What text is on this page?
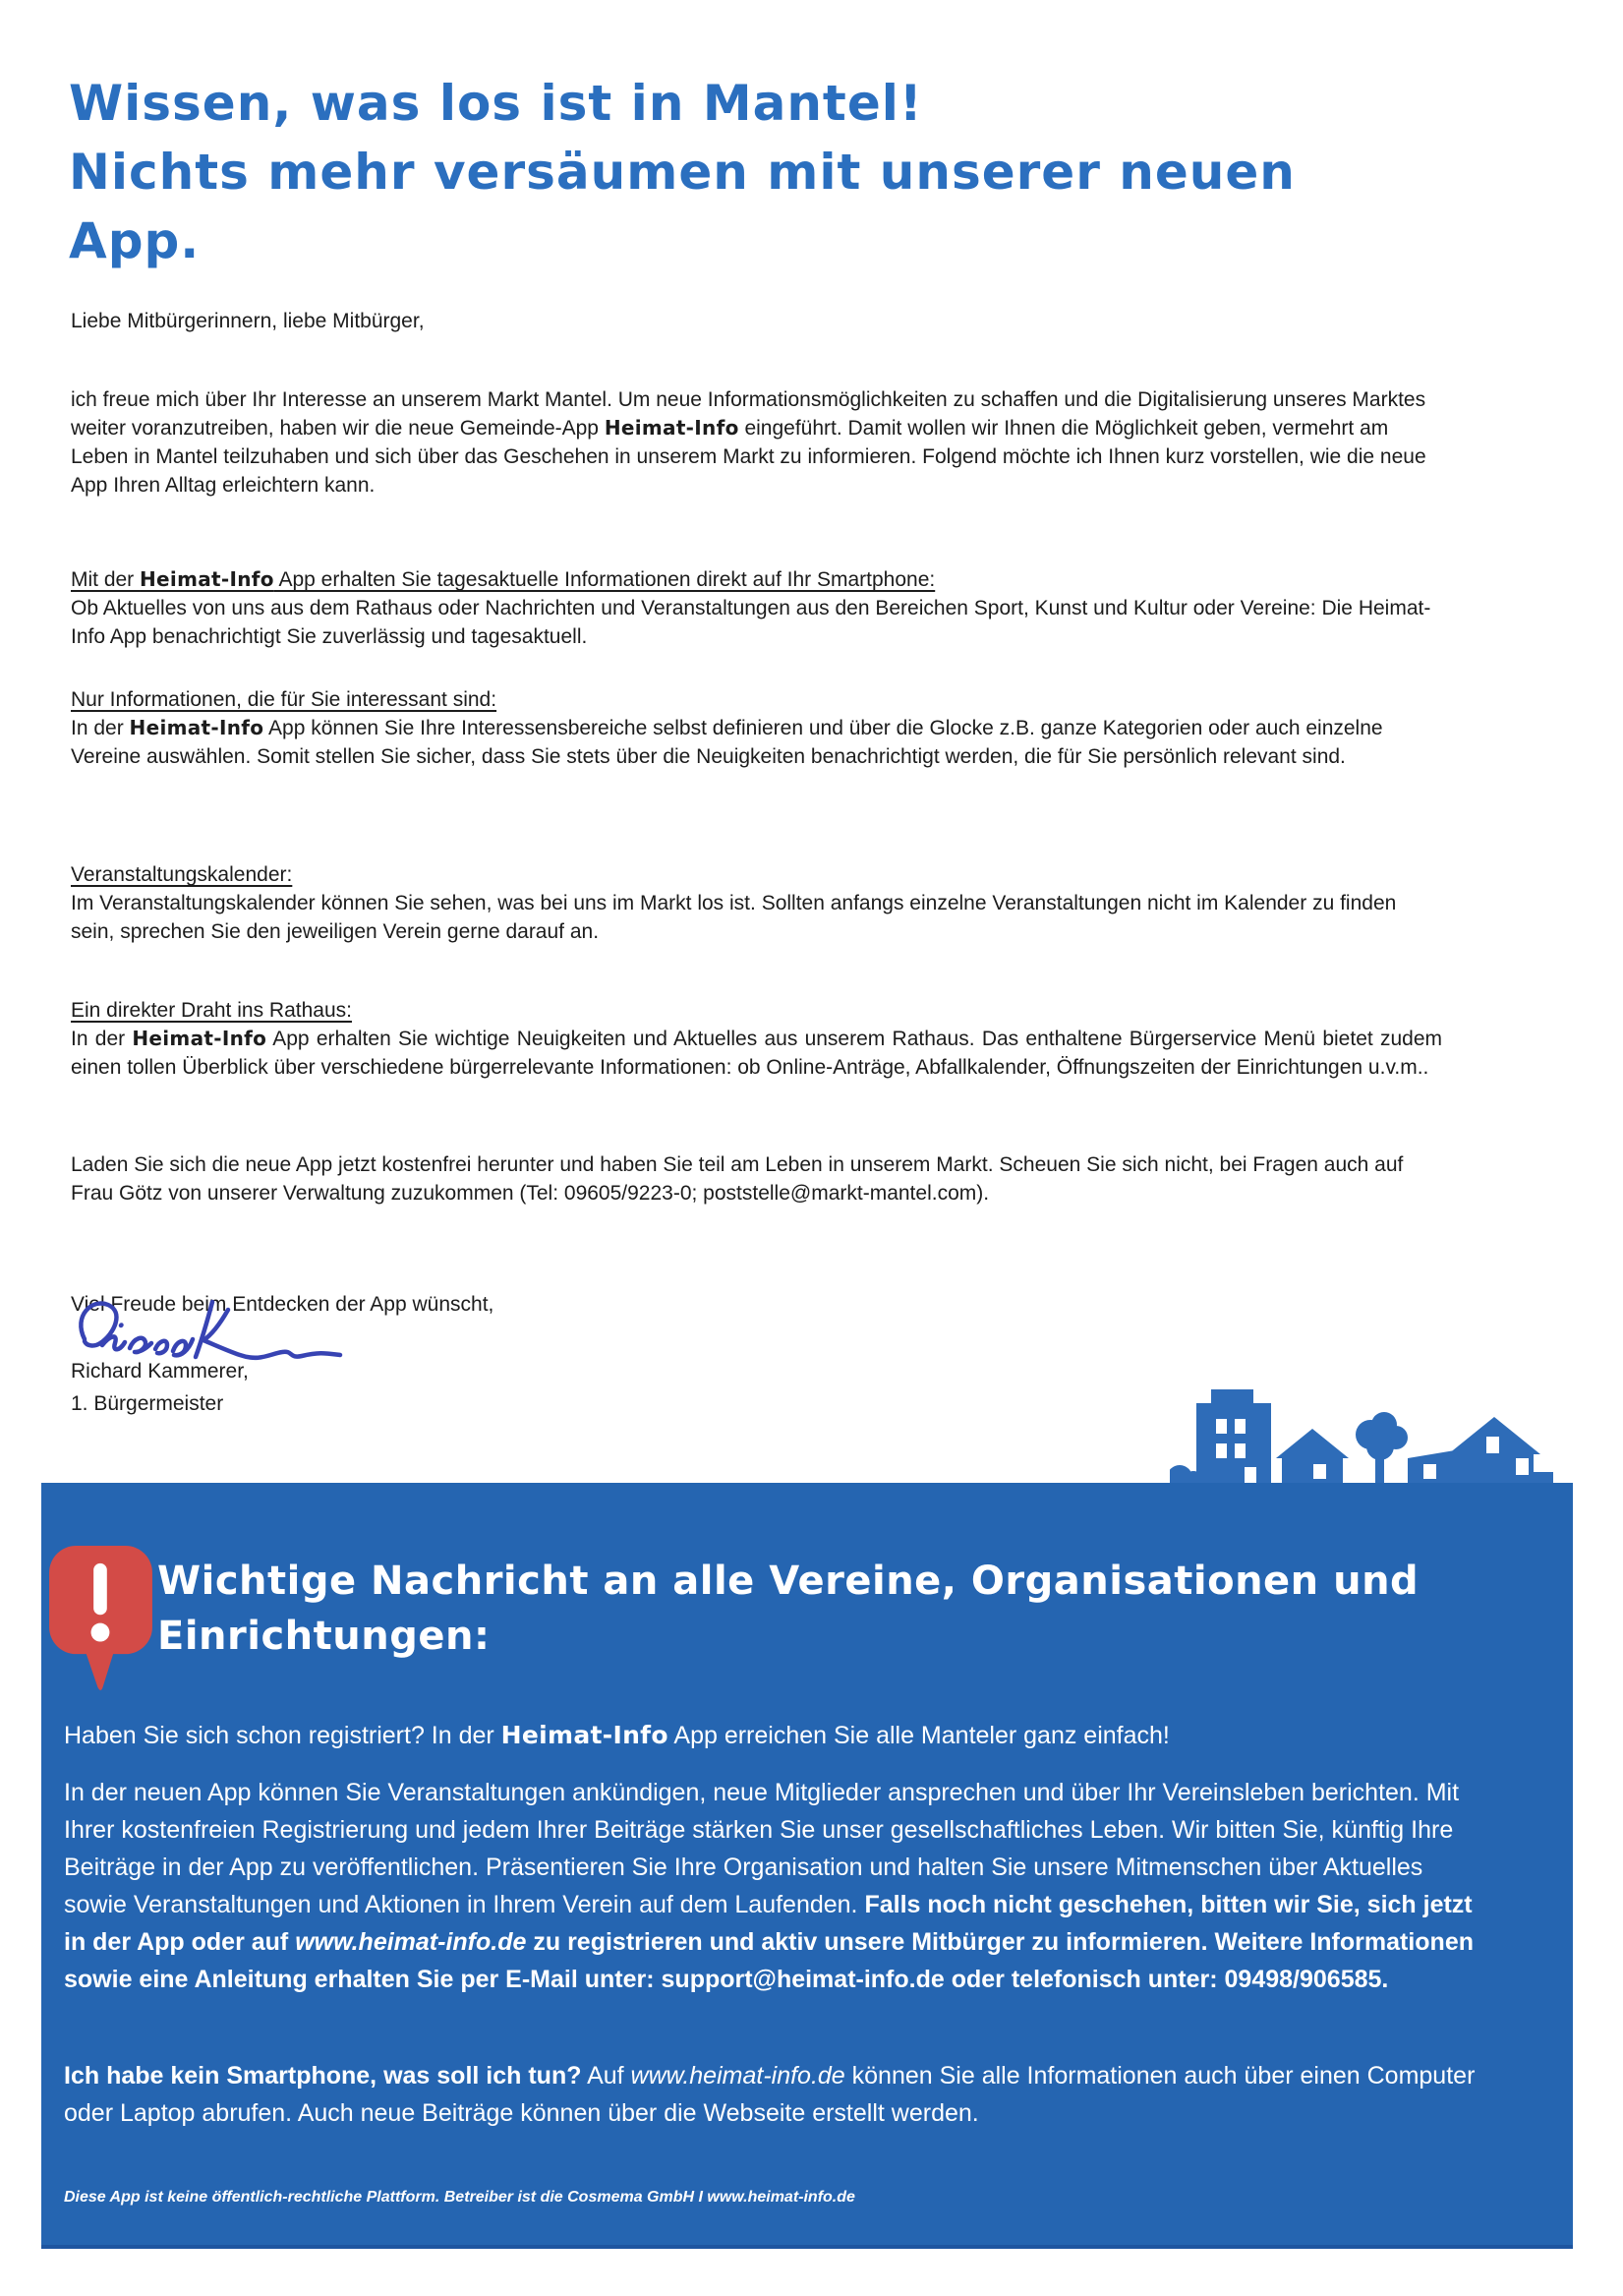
Wissen, was los ist in Mantel!
Nichts mehr versäumen mit unserer neuen
App.

Liebe Mitbürgerinnern, liebe Mitbürger,

ich freue mich über Ihr Interesse an unserem Markt Mantel. Um neue Informationsmöglichkeiten zu schaffen und die Digitalisierung unseres Marktes weiter voranzutreiben, haben wir die neue Gemeinde-App Heimat-Info eingeführt. Damit wollen wir Ihnen die Möglichkeit geben, vermehrt am Leben in Mantel teilzuhaben und sich über das Geschehen in unserem Markt zu informieren. Folgend möchte ich Ihnen kurz vorstellen, wie die neue App Ihren Alltag erleichtern kann.

Mit der Heimat-Info App erhalten Sie tagesaktuelle Informationen direkt auf Ihr Smartphone:

Ob Aktuelles von uns aus dem Rathaus oder Nachrichten und Veranstaltungen aus den Bereichen Sport, Kunst und Kultur oder Vereine: Die Heimat-Info App benachrichtigt Sie zuverlässig und tagesaktuell.

Nur Informationen, die für Sie interessant sind:

In der Heimat-Info App können Sie Ihre Interessensbereiche selbst definieren und über die Glocke z.B. ganze Kategorien oder auch einzelne Vereine auswählen. Somit stellen Sie sicher, dass Sie stets über die Neuigkeiten benachrichtigt werden, die für Sie persönlich relevant sind.

Veranstaltungskalender:

Im Veranstaltungskalender können Sie sehen, was bei uns im Markt los ist. Sollten anfangs einzelne Veranstaltungen nicht im Kalender zu finden sein, sprechen Sie den jeweiligen Verein gerne darauf an.

Ein direkter Draht ins Rathaus:

In der Heimat-Info App erhalten Sie wichtige Neuigkeiten und Aktuelles aus unserem Rathaus. Das enthaltene Bürgerservice Menü bietet zudem einen tollen Überblick über verschiedene bürgerrelevante Informationen: ob Online-Anträge, Abfallkalender, Öffnungszeiten der Einrichtungen u.v.m..

Laden Sie sich die neue App jetzt kostenfrei herunter und haben Sie teil am Leben in unserem Markt. Scheuen Sie sich nicht, bei Fragen auch auf Frau Götz von unserer Verwaltung zuzukommen (Tel: 09605/9223-0; poststelle@markt-mantel.com).

Viel Freude beim Entdecken der App wünscht,

Richard Kammerer,
1. Bürgermeister
Wichtige Nachricht an alle Vereine, Organisationen und Einrichtungen:

Haben Sie sich schon registriert? In der Heimat-Info App erreichen Sie alle Manteler ganz einfach!

In der neuen App können Sie Veranstaltungen ankündigen, neue Mitglieder ansprechen und über Ihr Vereinsleben berichten. Mit Ihrer kostenfreien Registrierung und jedem Ihrer Beiträge stärken Sie unser gesellschaftliches Leben. Wir bitten Sie, künftig Ihre Beiträge in der App zu veröffentlichen. Präsentieren Sie Ihre Organisation und halten Sie unsere Mitmenschen über Aktuelles sowie Veranstaltungen und Aktionen in Ihrem Verein auf dem Laufenden. Falls noch nicht geschehen, bitten wir Sie, sich jetzt in der App oder auf www.heimat-info.de zu registrieren und aktiv unsere Mitbürger zu informieren. Weitere Informationen sowie eine Anleitung erhalten Sie per E-Mail unter: support@heimat-info.de oder telefonisch unter: 09498/906585.

Ich habe kein Smartphone, was soll ich tun? Auf www.heimat-info.de können Sie alle Informationen auch über einen Computer oder Laptop abrufen. Auch neue Beiträge können über die Webseite erstellt werden.

Diese App ist keine öffentlich-rechtliche Plattform. Betreiber ist die Cosmema GmbH I www.heimat-info.de
